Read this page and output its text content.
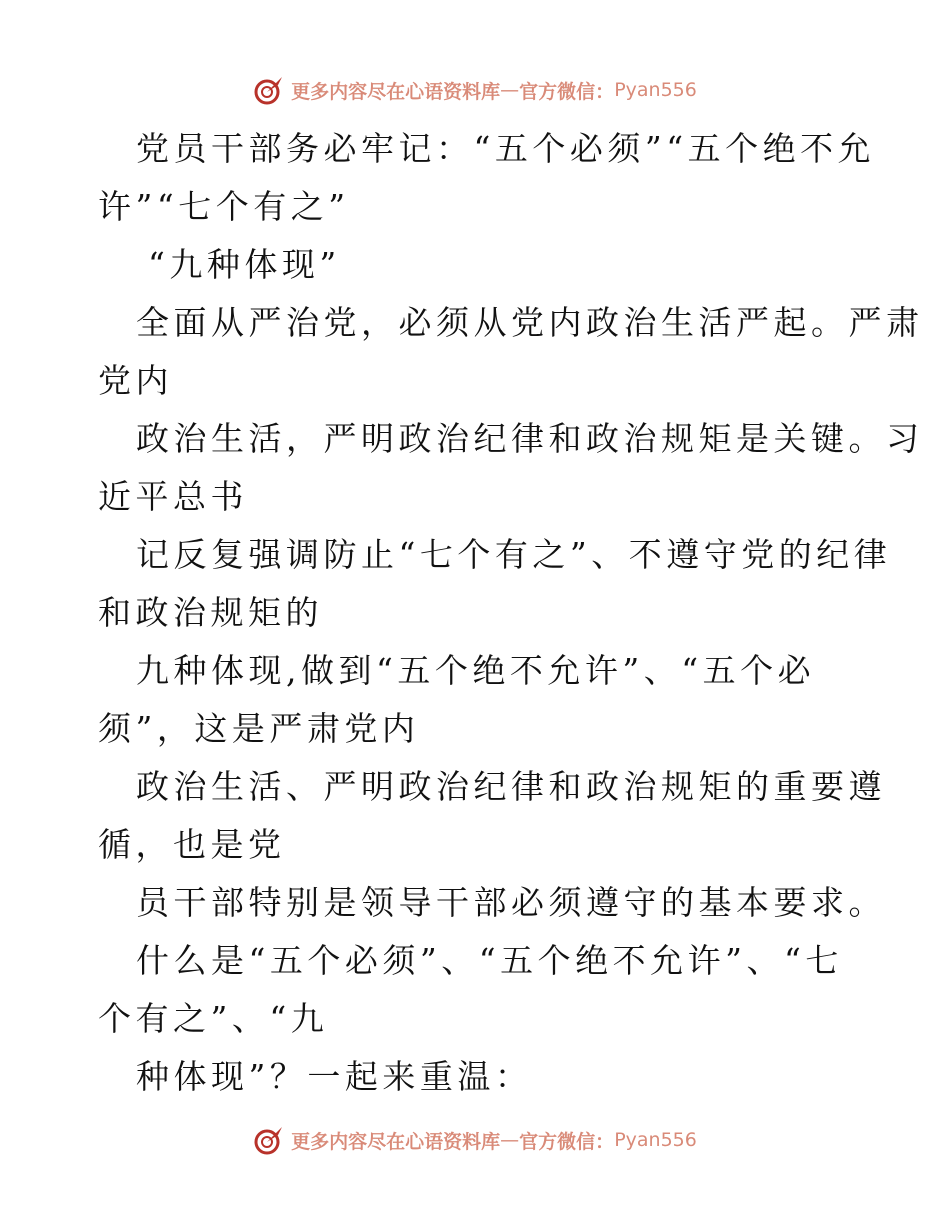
更多内容尽在心语资料库 — 官方微信： Pyan556
党员干部务必牢记：“五个必须”“五个绝不允
许”“七个有之”
“九种体现”
全面从严治党，必须从党内政治生活严起。严肃
党内
政治生活，严明政治纪律和政治规矩是关键。习
近平总书
记反复强调防止“七个有之”、不遵守党的纪律
和政治规矩的
九种体现,做到“五个绝不允许”、“五个必
须”，这是严肃党内
政治生活、严明政治纪律和政治规矩的重要遵
循，也是党
员干部特别是领导干部必须遵守的基本要求。
什么是“五个必须”、“五个绝不允许”、“七
个有之”、“九
种体现”？一起来重温：
更多内容尽在心语资料库 — 官方微信： Pyan556
